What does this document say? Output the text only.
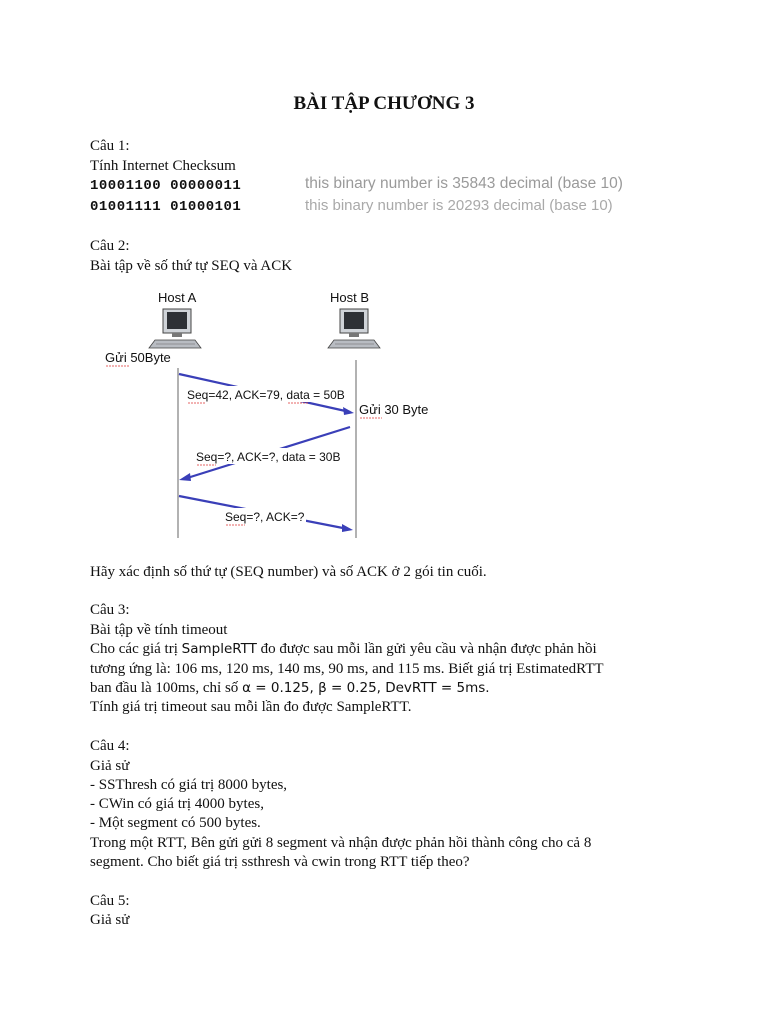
BÀI TẬP CHƯƠNG 3
Câu 1:
Tính Internet Checksum
10001100 00000011
01001111 01000101
this binary number is 35843 decimal (base 10)
this binary number is 20293 decimal (base 10)
Câu 2:
Bài tập về số thứ tự SEQ và ACK
Host A	Host B
Gửi 50Byte
Gửi 30 Byte
Seq=42, ACK=79, data = 50B
Seq=?, ACK=?, data = 30B
Seq=?, ACK=?
Hãy xác định số thứ tự (SEQ number) và số ACK ở 2 gói tin cuối.
Câu 3:
Bài tập về tính timeout
Cho các giá trị SampleRTT đo được sau mỗi lần gửi yêu cầu và nhận được phản hồi
tương ứng là: 106 ms, 120 ms, 140 ms, 90 ms, and 115 ms. Biết giá trị EstimatedRTT
ban đầu là 100ms, chỉ số α = 0.125, β = 0.25, DevRTT = 5ms.
Tính giá trị timeout sau mỗi lần đo được SampleRTT.
Câu 4:
Giả sử
- SSThresh có giá trị 8000 bytes,
- CWin có giá trị 4000 bytes,
- Một segment có 500 bytes.
Trong một RTT, Bên gửi gửi 8 segment và nhận được phản hồi thành công cho cả 8
segment. Cho biết giá trị ssthresh và cwin trong RTT tiếp theo?
Câu 5:
Giả sử
